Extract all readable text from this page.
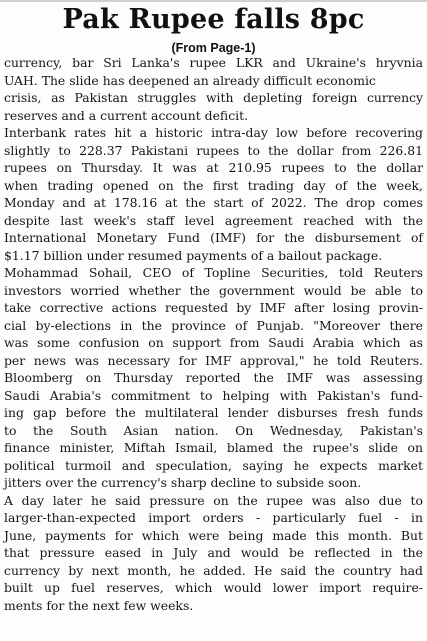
Pak Rupee falls 8pc
(From Page-1)
currency, bar Sri Lanka's rupee LKR and Ukraine's hryvnia
UAH. The slide has deepened an already difficult economic
crisis, as Pakistan struggles with depleting foreign currency
reserves and a current account deficit.
Interbank rates hit a historic intra-day low before recovering
slightly to 228.37 Pakistani rupees to the dollar from 226.81
rupees on Thursday. It was at 210.95 rupees to the dollar
when trading opened on the first trading day of the week,
Monday and at 178.16 at the start of 2022. The drop comes
despite last week's staff level agreement reached with the
International Monetary Fund (IMF) for the disbursement of
$1.17 billion under resumed payments of a bailout package.
Mohammad Sohail, CEO of Topline Securities, told Reuters
investors worried whether the government would be able to
take corrective actions requested by IMF after losing provin-
cial by-elections in the province of Punjab. "Moreover there
was some confusion on support from Saudi Arabia which as
per news was necessary for IMF approval," he told Reuters.
Bloomberg on Thursday reported the IMF was assessing
Saudi Arabia's commitment to helping with Pakistan's fund-
ing gap before the multilateral lender disburses fresh funds
to the South Asian nation. On Wednesday, Pakistan's
finance minister, Miftah Ismail, blamed the rupee's slide on
political turmoil and speculation, saying he expects market
jitters over the currency's sharp decline to subside soon.
A day later he said pressure on the rupee was also due to
larger-than-expected import orders - particularly fuel - in
June, payments for which were being made this month. But
that pressure eased in July and would be reflected in the
currency by next month, he added. He said the country had
built up fuel reserves, which would lower import require-
ments for the next few weeks.
